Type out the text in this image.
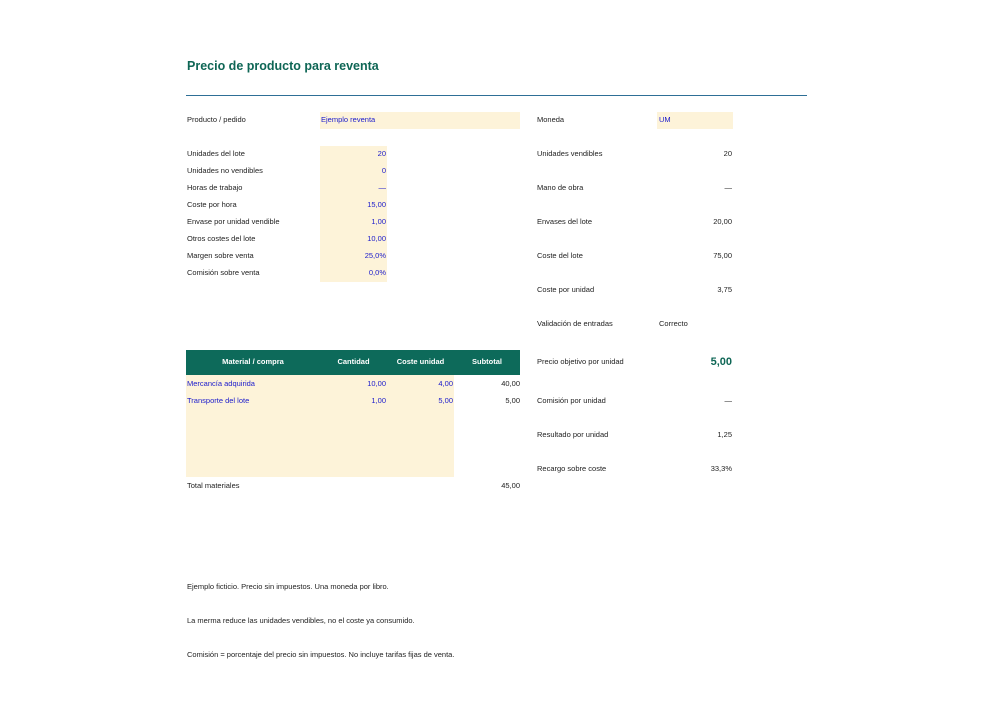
Precio de producto para reventa
Producto / pedido	Ejemplo reventa	Moneda	UM
Unidades del lote	20
Unidades no vendibles	0
Horas de trabajo	—
Coste por hora	15,00
Envase por unidad vendible	1,00
Otros costes del lote	10,00
Margen sobre venta	25,0%
Comisión sobre venta	0,0%
Unidades vendibles	20
Mano de obra	—
Envases del lote	20,00
Coste del lote	75,00
Coste por unidad	3,75
Validación de entradas	Correcto
Precio objetivo por unidad	5,00
Comisión por unidad	—
Resultado por unidad	1,25
Recargo sobre coste	33,3%
Material / compra	Cantidad	Coste unidad	Subtotal
Mercancía adquirida	10,00	4,00	40,00
Transporte del lote	1,00	5,00	5,00
Total materiales	45,00
Ejemplo ficticio. Precio sin impuestos. Una moneda por libro.
La merma reduce las unidades vendibles, no el coste ya consumido.
Comisión = porcentaje del precio sin impuestos. No incluye tarifas fijas de venta.
